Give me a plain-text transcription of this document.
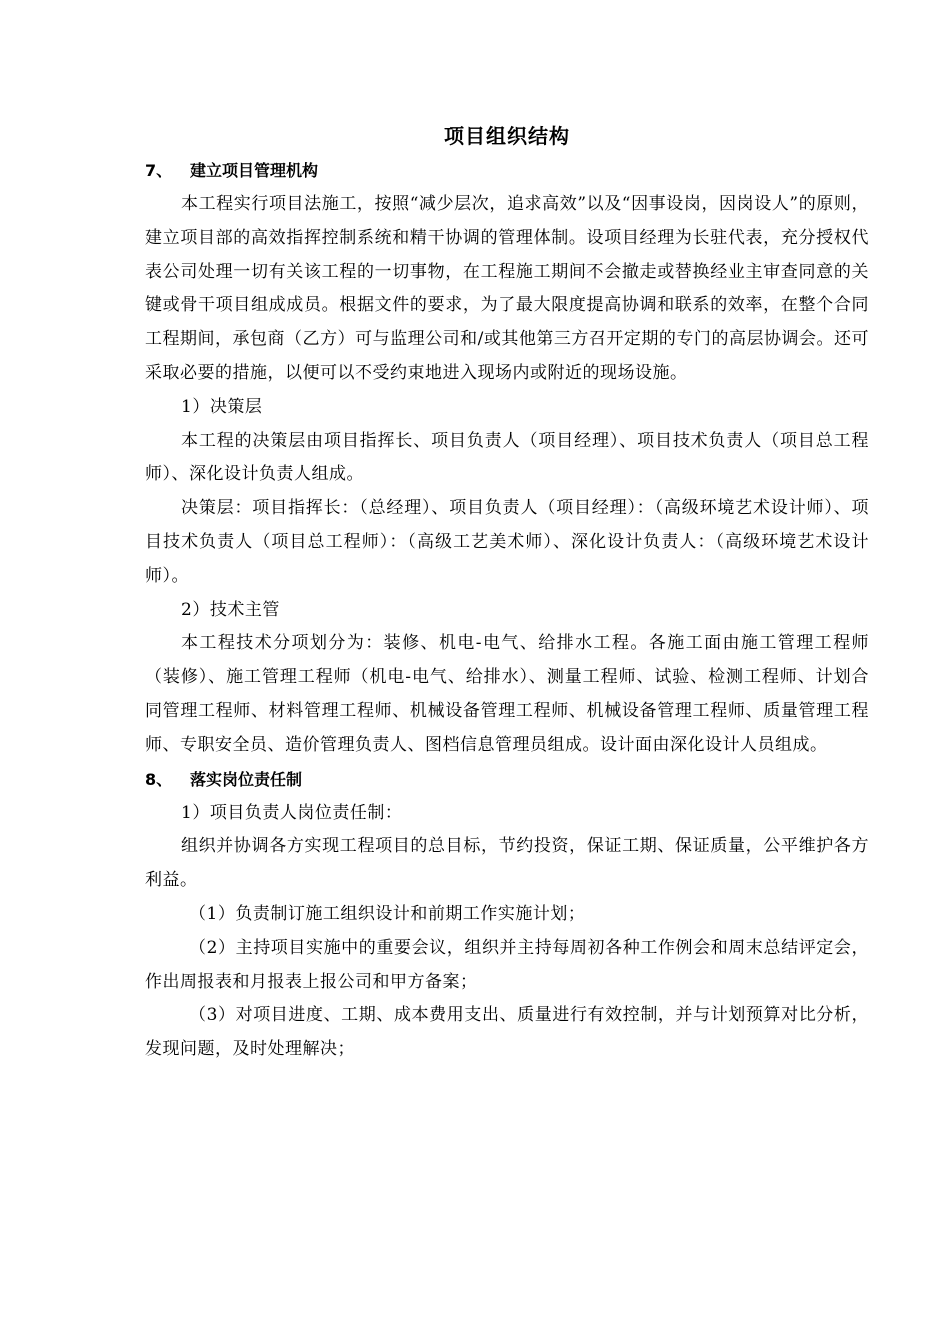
项目组织结构
7、 建立项目管理机构

本工程实行项目法施工，按照“减少层次，追求高效”以及“因事设岗，因岗设人”的原则，建立项目部的高效指挥控制系统和精干协调的管理体制。设项目经理为长驻代表，充分授权代表公司处理一切有关该工程的一切事物，在工程施工期间不会撤走或替换经业主审查同意的关键或骨干项目组成成员。根据文件的要求，为了最大限度提高协调和联系的效率，在整个合同工程期间，承包商（乙方）可与监理公司和/或其他第三方召开定期的专门的高层协调会。还可采取必要的措施，以便可以不受约束地进入现场内或附近的现场设施。

1）决策层

本工程的决策层由项目指挥长、项目负责人（项目经理）、项目技术负责人（项目总工程师）、深化设计负责人组成。

决策层：项目指挥长：（总经理）、项目负责人（项目经理）：（高级环境艺术设计师）、项目技术负责人（项目总工程师）：（高级工艺美术师）、深化设计负责人：（高级环境艺术设计师）。

2）技术主管

本工程技术分项划分为：装修、机电-电气、给排水工程。各施工面由施工管理工程师（装修）、施工管理工程师（机电-电气、给排水）、测量工程师、试验、检测工程师、计划合同管理工程师、材料管理工程师、机械设备管理工程师、机械设备管理工程师、质量管理工程师、专职安全员、造价管理负责人、图档信息管理员组成。设计面由深化设计人员组成。

8、 落实岗位责任制

1）项目负责人岗位责任制：

组织并协调各方实现工程项目的总目标，节约投资，保证工期、保证质量，公平维护各方利益。

（1）负责制订施工组织设计和前期工作实施计划；

（2）主持项目实施中的重要会议，组织并主持每周初各种工作例会和周末总结评定会，作出周报表和月报表上报公司和甲方备案；

（3）对项目进度、工期、成本费用支出、质量进行有效控制，并与计划预算对比分析，发现问题，及时处理解决；
